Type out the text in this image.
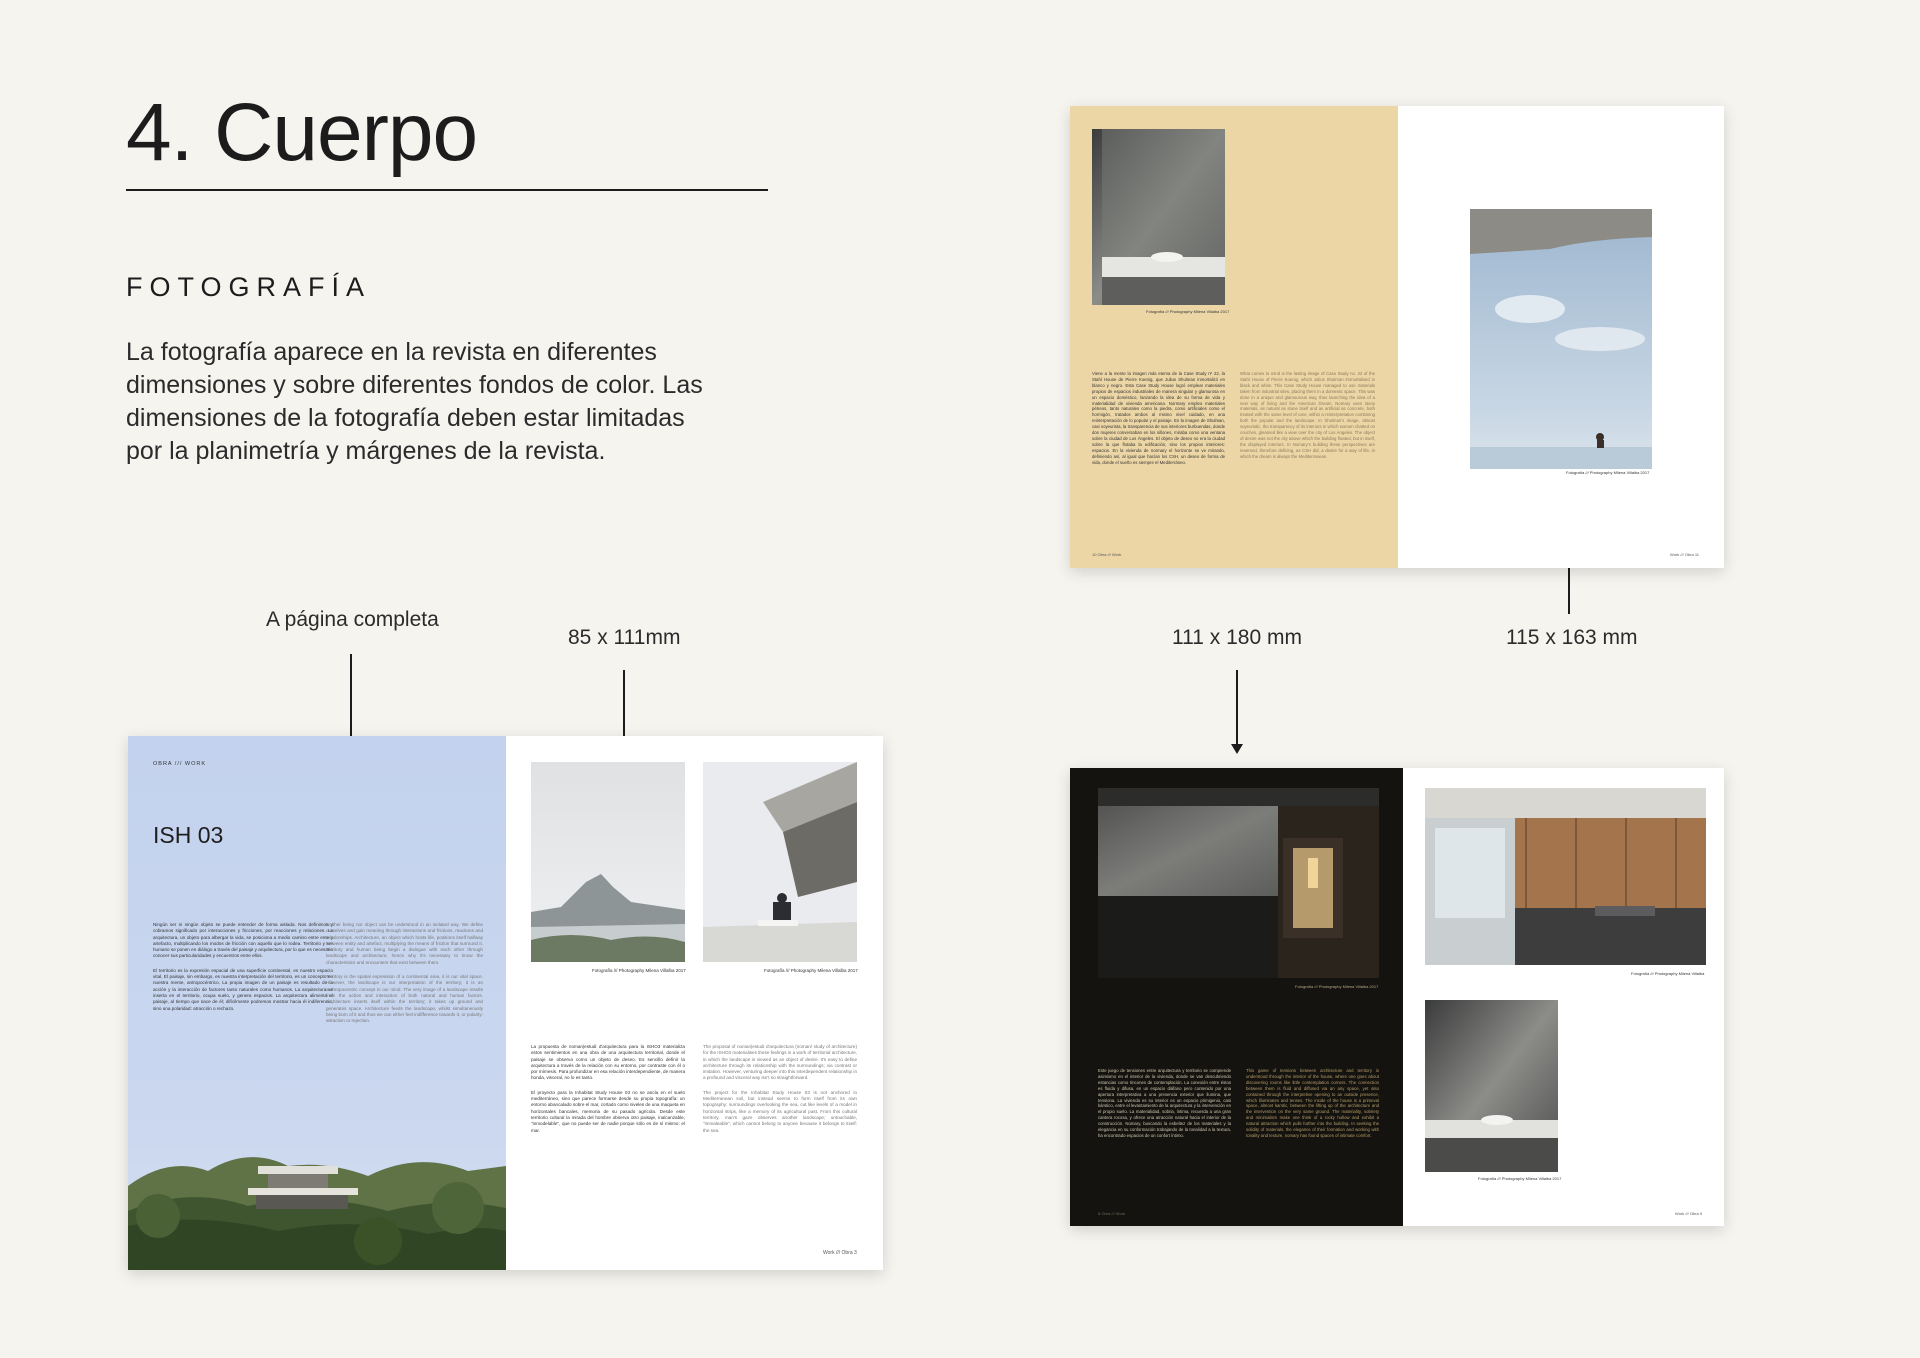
4. Cuerpo
FOTOGRAFÍA
La fotografía aparece en la revista en diferentes dimensiones y sobre diferentes fondos de color. Las dimensiones de la fotografía deben estar limitadas por la planimetría y márgenes de la revista.
A página completa
85 x 111mm	111 x 180 mm	115 x 163 mm
OBRA /// WORK
ISH 03
Ningún ser ni ningún objeto se puede entender de forma aislada. Nos definimos y cobramos significado por interacciones y fricciones, por reacciones y relaciones. La arquitectura, un objeto para albergar la vida, se posiciona a medio camino entre ente y artefacto, multiplicando los modos de fricción con aquello que lo rodea. Territorio y ser humano se ponen en diálogo a través del paisaje y arquitectura, por lo que es necesario conocer sus particularidades y encuentros entre ellos.
El territorio es la expresión espacial de una superficie continental, es nuestro espacio vital. El paisaje, sin embargo, es nuestra interpretación del territorio, es un concepto en nuestra mente, antropocéntrico. La propia imagen de un paisaje es resultado de la acción y la interacción de factores tanto naturales como humanos. La arquitectura se inserta en el territorio, ocupa suelo, y genera espacios. La arquitectura alimenta el paisaje, al tiempo que nace de él; difícilmente podremos mostrar hacia él indiferencia, sino una polaridad: atracción o rechazo.
Neither being nor object can be understood in an isolated way. We define ourselves and gain meaning through interactions and frictions, reactions and relationships. Architecture, an object which hosts life, positions itself halfway between entity and artefact, multiplying the means of friction that surround it. Territory and human being begin a dialogue with each other through landscape and architecture, hence why it's necessary to know the characteristics and encounters that exist between them.
Territory is the spatial expression of a continental area, it is our vital space. However, the landscape is our interpretation of the territory; it is an anthropocentric concept in our mind. The very image of a landscape results from the action and interaction of both natural and human factors. Architecture inserts itself within the territory; it takes up ground and generates space. Architecture feeds the landscape, whilst simultaneously being born of it and thus we can either feel indifference towards it, or polarity: attraction or rejection.
Fotografía /// Photography Milena Villalba 2017	Fotografía /// Photography Milena Villalba 2017
La propuesta de noman|estudi d'arquitectura para la ISHO3 materializa estos sentimientos en una obra de una arquitectura territorial, donde el paisaje se observa como un objeto de deseo. Es sencillo definir la arquitectura a través de la relación con su entorno, por contraste con él o por mímesis. Para profundizar en esa relación interdependiente, de manera honda, visceral, no lo es tanto.
El proyecto para la Inhabitat Study House 03 no se ancla en el suelo mediterráneo, sino que parece formarse desde su propia topografía: un entorno abancalado sobre el mar, cortado como niveles de una maqueta en horizontales bancales, memoria de su pasado agrícola. Desde este territorio cultural la mirada del hombre observa otro paisaje, inalcanzable, "inmodelable", que no puede ser de nadie porque sólo es de sí mismo: el mar.
The proposal of noman|estudi d'arquitectura (noman/ study of architecture) for the ISHO3 materialises these feelings in a work of territorial architecture, in which the landscape is viewed as an object of desire. It's easy to define architecture through its relationship with the surroundings; via contrast or imitation. However, venturing deeper into this interdependent relationship in a profound and visceral way isn't so straightforward.
The project for the Inhabitat Study House 03 is not anchored in Mediterranean soil, but instead seems to form itself from its own topography: surroundings overlooking the sea, cut like levels of a model in horizontal strips, like a memory of its agricultural past. From this cultural territory, man's gaze observes another landscape; untouchable, "immaleable", which cannot belong to anyone because it belongs to itself: the sea.
Work /// Obra 3
Fotografía /// Photography Milena Villalba 2017
Viene a la mente la imagen más eterna de la Case Study nº 22, la Stahl House de Pierre Koenig, que Julius Shulman inmortalizó en blanco y negro. Esta Case Study House logró emplear materiales propios de espacios industriales de manera singular y glamurosa en un espacio doméstico, lanzando la idea de su forma de vida y materialidad de vivienda americana. Normary empleo materiales pétreos, tanto naturales como la piedra, como artificiales como el hormigón, tratados ambos al mismo nivel cuidado, en una reinterpretación de lo popular y el paisaje. En la imagen de Shulman, casi voyeurista, la transparencia de sus interiores burbuendas, donde dos mujeres conversaban en los sillones, miraba como una ventana sobre la ciudad de Los Ángeles. El objeto de deseo no era la ciudad sobre la que flotaba la edificación, sino los propios interiores: espacios. En la vivienda de normary el horizonte se ve mirando, definiendo así, al igual que hacían los CSH, un deseo de forma de vida, donde el sueño es siempre el Mediterráneo.
What comes to mind is the lasting image of Case Study no. 22 of the Stahl House of Pierre Koenig, which Julius Shulman immortalised in black and white. This Case Study House managed to use materials taken from industrial sites, placing them in a domestic space. This was done in a unique and glamourous way, thus launching the idea of a new way of living and the American Dream. Nomary uses stony materials, as natural as stone itself and as artificial as concrete, both treated with the same level of care, within a reinterpretation combining both the popular and the landscape. In Shulman's image, almost voyeuristic, the transparency of its interiors in which women chatted on couches, gleamed like a view over the city of Los Angeles. The object of desire was not the city above which the building floated, but in itself, the displayed interiors. In Nomary's building these perspectives are reversed, therefore defining, as CSH did, a desire for a way of life, in which the dream is always the Mediterranean.
10 Obra /// Work
Fotografía /// Photography Milena Villalba 2017
Work /// Obra 11
Fotografía /// Photography Milena Villalba 2017
Este juego de tensiones entre arquitectura y territorio se comprende asimismo en el interior de la vivienda, donde se van descubriendo estancias como rincones de contemplación. La conexión entre éstos es fluida y difusa, en un espacio diáfano pero contenido por una apertura interpretativa a una presencia exterior que ilumina, que tensiona. La vivienda es su interior es un espacio primigenio, casi kárstico, entre el levantamiento de la arquitectura y la intervención en el propio suelo. La materialidad, sobria, íntima, recuerda a una gran cantera rocosa, y ofrece una atracción natural hacia el interior de la construcción. Nomary, buscando la esbeltez de los materiales y la elegancia en su conformación trabajando de la tonalidad a la textura, ha encontrado espacios de un confort íntimo.
This game of tensions between architecture and territory is understood through the interior of the house, where one goes about discovering rooms like little contemplation corners. The connection between them is fluid and diffused via an airy space, yet also contained through the interpretive opening to an outside presence, which illuminates and tenses. The inside of the house is a primeval space, almost karstic, between the lifting up of the architecture and the intervention on the very same ground. The materiality, sobriety and minimalism make one think of a rocky hollow and exhibit a natural attraction which pulls further into the building. In seeking the solidity of materials, the elegance of their formation and working with tonality and texture, nomary has found spaces of intimate comfort.
8 Obra /// Work
Fotografía /// Photography Milena Villalba
Fotografía /// Photography Milena Villalba 2017
Work /// Obra 9
